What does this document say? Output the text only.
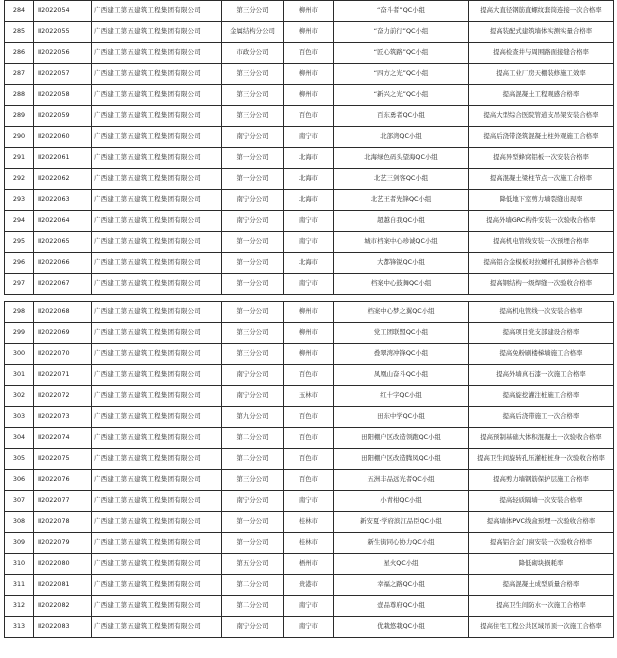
284	Ⅱ2022054	广西建工第五建筑工程集团有限公司	第三分公司	柳州市	“奋斗者”QC小组	提高大直径钢筋直螺纹套筒连接一次合格率
285	Ⅱ2022055	广西建工第五建筑工程集团有限公司	金属结构分公司	柳州市	“奋力前行”QC小组	提高装配式建筑墙体实测实量合格率
286	Ⅱ2022056	广西建工第五建筑工程集团有限公司	市政分公司	百色市	“匠心筑路”QC小组	提高检查井与周围路面接缝合格率
287	Ⅱ2022057	广西建工第五建筑工程集团有限公司	第三分公司	柳州市	“四方之光”QC小组	提高工业厂房天棚装修施工效率
288	Ⅱ2022058	广西建工第五建筑工程集团有限公司	第三分公司	柳州市	“新兴之光”QC小组	提高混凝土工程观感合格率
289	Ⅱ2022059	广西建工第五建筑工程集团有限公司	第三分公司	百色市	百东勇者QC小组	提高大型综合医院管道支吊架安装合格率
290	Ⅱ2022060	广西建工第五建筑工程集团有限公司	南宁分公司	南宁市	北部湾QC小组	提高后浇带浇筑混凝土柱外观施工合格率
291	Ⅱ2022061	广西建工第五建筑工程集团有限公司	第一分公司	北海市	北海绿色码头望海QC小组	提高异型蜂窝铝板一次安装合格率
292	Ⅱ2022062	广西建工第五建筑工程集团有限公司	第一分公司	北海市	北艺三剑客QC小组	提高混凝土梁柱节点一次施工合格率
293	Ⅱ2022063	广西建工第五建筑工程集团有限公司	南宁分公司	北海市	北艺王者先锋QC小组	降低地下室剪力墙裂缝出现率
294	Ⅱ2022064	广西建工第五建筑工程集团有限公司	南宁分公司	南宁市	超越自我QC小组	提高外墙GRC构件安装一次验收合格率
295	Ⅱ2022065	广西建工第五建筑工程集团有限公司	第一分公司	南宁市	城市档案中心珍诚QC小组	提高机电管线安装一次预埋合格率
296	Ⅱ2022066	广西建工第五建筑工程集团有限公司	第一分公司	北海市	大都锋锐QC小组	提高铝合金模板对拉螺杆孔洞修补合格率
297	Ⅱ2022067	广西建工第五建筑工程集团有限公司	第一分公司	南宁市	档案中心鼓舞QC小组	提高钢结构一级焊缝一次验收合格率

298	Ⅱ2022068	广西建工第五建筑工程集团有限公司	第一分公司	柳州市	档案中心梦之翼QC小组	提高机电管线一次安装合格率
299	Ⅱ2022069	广西建工第五建筑工程集团有限公司	第三分公司	柳州市	党工团联盟QC小组	提高项目党支部建设合格率
300	Ⅱ2022070	广西建工第五建筑工程集团有限公司	第三分公司	柳州市	叠翠湾冲锋QC小组	提高免粉刷楼梯墙施工合格率
301	Ⅱ2022071	广西建工第五建筑工程集团有限公司	南宁分公司	百色市	凤凰山奋斗QC小组	提高外墙真石漆一次施工合格率
302	Ⅱ2022072	广西建工第五建筑工程集团有限公司	南宁分公司	玉林市	红十字QC小组	提高旋挖灌注桩施工合格率
303	Ⅱ2022073	广西建工第五建筑工程集团有限公司	第九分公司	百色市	田东中学QC小组	提高后浇带施工一次合格率
304	Ⅱ2022074	广西建工第五建筑工程集团有限公司	第二分公司	百色市	田阳棚户区改造领跑QC小组	提高预制基础大体积混凝土一次验收合格率
305	Ⅱ2022075	广西建工第五建筑工程集团有限公司	第二分公司	百色市	田阳棚户区改造腾凤QC小组	提高卫生间旋转孔压灌桩桩身一次验收合格率
306	Ⅱ2022076	广西建工第五建筑工程集团有限公司	第三分公司	百色市	五洲丰品远光者QC小组	提高剪力墙钢筋保护层施工合格率
307	Ⅱ2022077	广西建工第五建筑工程集团有限公司	南宁分公司	南宁市	小青柑QC小组	提高轻质隔墙一次安装合格率
308	Ⅱ2022078	广西建工第五建筑工程集团有限公司	第一分公司	桂林市	新安夏·学府滨江品臣QC小组	提高墙体PVC线盒预埋一次验收合格率
309	Ⅱ2022079	广西建工第五建筑工程集团有限公司	第一分公司	桂林市	新生街同心协力QC小组	提高铝合金门窗安装一次验收合格率
310	Ⅱ2022080	广西建工第五建筑工程集团有限公司	第五分公司	梧州市	星火QC小组	降低砌块损耗率
311	Ⅱ2022081	广西建工第五建筑工程集团有限公司	第二分公司	贵港市	幸福之路QC小组	提高混凝土成型质量合格率
312	Ⅱ2022082	广西建工第五建筑工程集团有限公司	第二分公司	南宁市	壹品尊府QC小组	提高卫生间防水一次施工合格率
313	Ⅱ2022083	广西建工第五建筑工程集团有限公司	南宁分公司	南宁市	优栽悠栽QC小组	提高住宅工程公共区域吊顶一次施工合格率
